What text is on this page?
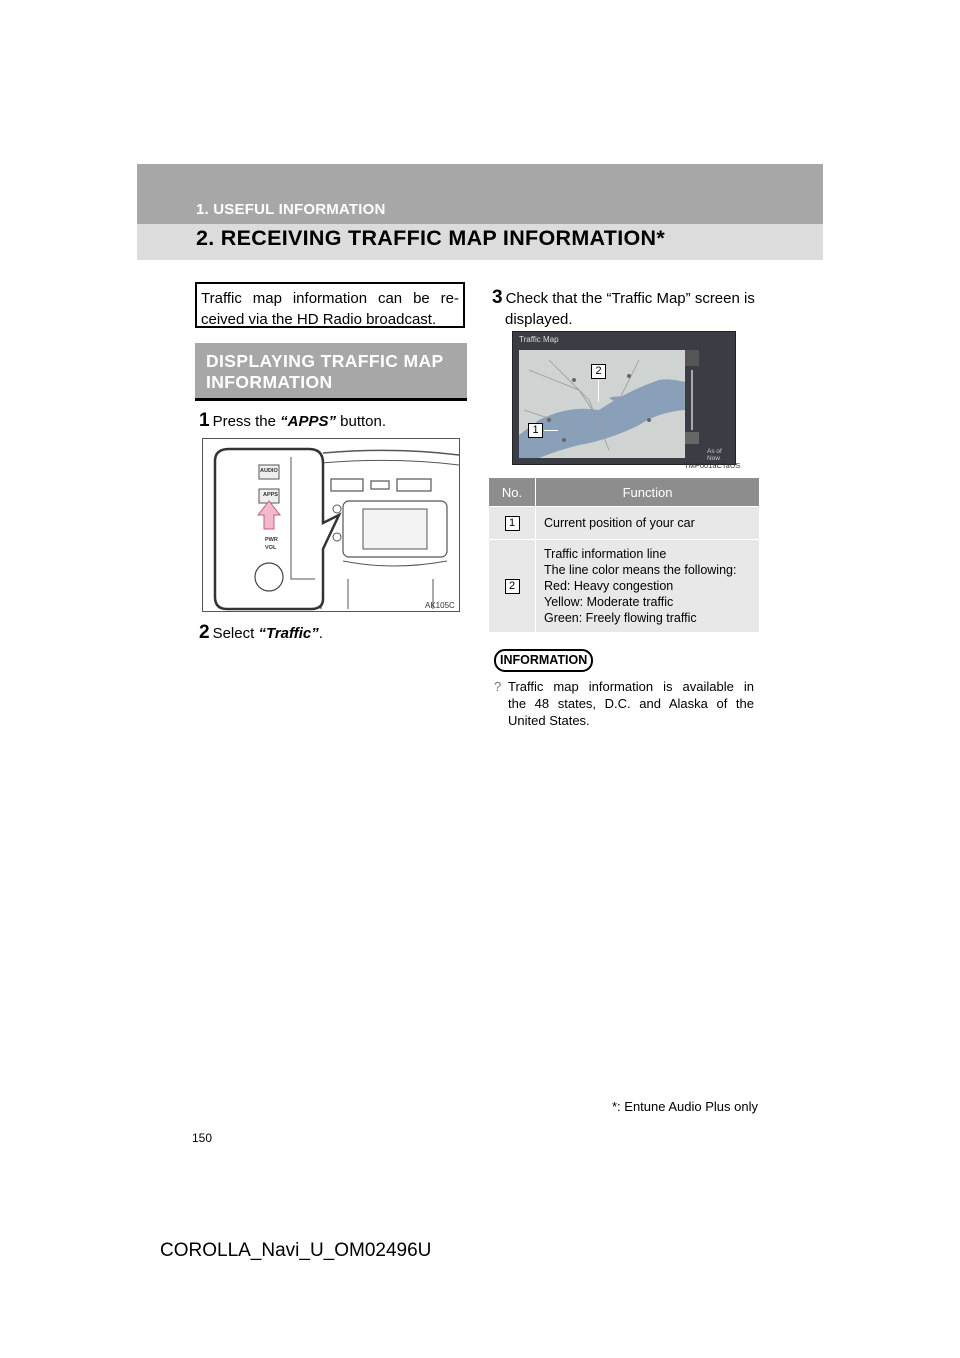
1. USEFUL INFORMATION
2. RECEIVING TRAFFIC MAP INFORMATION*
Traffic map information can be re-
ceived via the HD Radio broadcast.
DISPLAYING TRAFFIC MAP
INFORMATION
1 Press the “APPS” button.
AUDIO
APPS
PWR
VOL
AK105C
2 Select “Traffic”.
3 Check that the “Traffic Map” screen is
displayed.
Traffic Map
As of Now
2
1
TMP001aCTaUS
No.	Function
1	Current position of your car
2
Traffic information line
The line color means the following:
Red: Heavy congestion
Yellow: Moderate traffic
Green: Freely flowing traffic
INFORMATION
? Traffic map information is available in
the 48 states, D.C. and Alaska of the
United States.
*: Entune Audio Plus only
150
COROLLA_Navi_U_OM02496U
